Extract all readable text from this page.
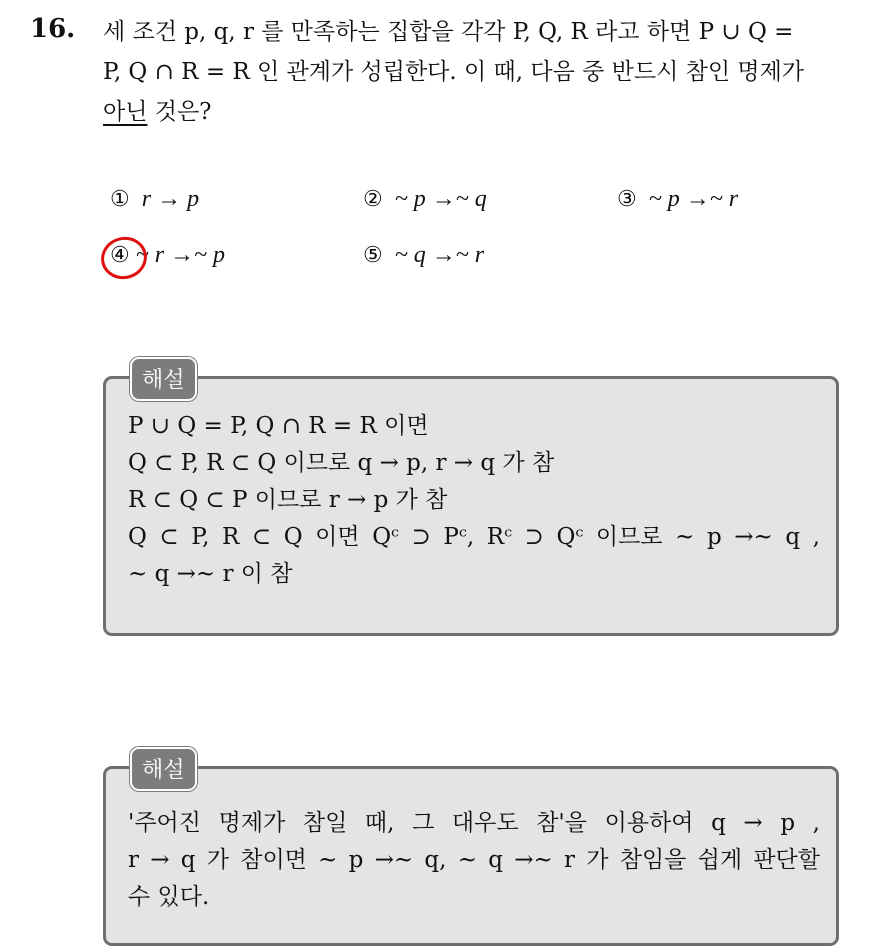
16. 세 조건 p, q, r 를 만족하는 집합을 각각 P, Q, R 라고 하면 P ∪ Q =
P, Q ∩ R = R 인 관계가 성립한다. 이 때, 다음 중 반드시 참인 명제가
아닌 것은?
① r → p	② ~ p →~ q	③ ~ p →~ r
④ ~ r →~ p	⑤ ~ q →~ r
P ∪ Q = P, Q ∩ R = R 이면
Q ⊂ P, R ⊂ Q 이므로 q → p, r → q 가 참
R ⊂ Q ⊂ P 이므로 r → p 가 참
Q ⊂ P, R ⊂ Q 이면 Qᶜ ⊃ Pᶜ, Rᶜ ⊃ Qᶜ 이므로 ~ p →~ q ,
~ q →~ r 이 참
해설
'주어진 명제가 참일 때, 그 대우도 참'을 이용하여 q → p ,
r → q 가 참이면 ~ p →~ q, ~ q →~ r 가 참임을 쉽게 판단할
수 있다.
해설
